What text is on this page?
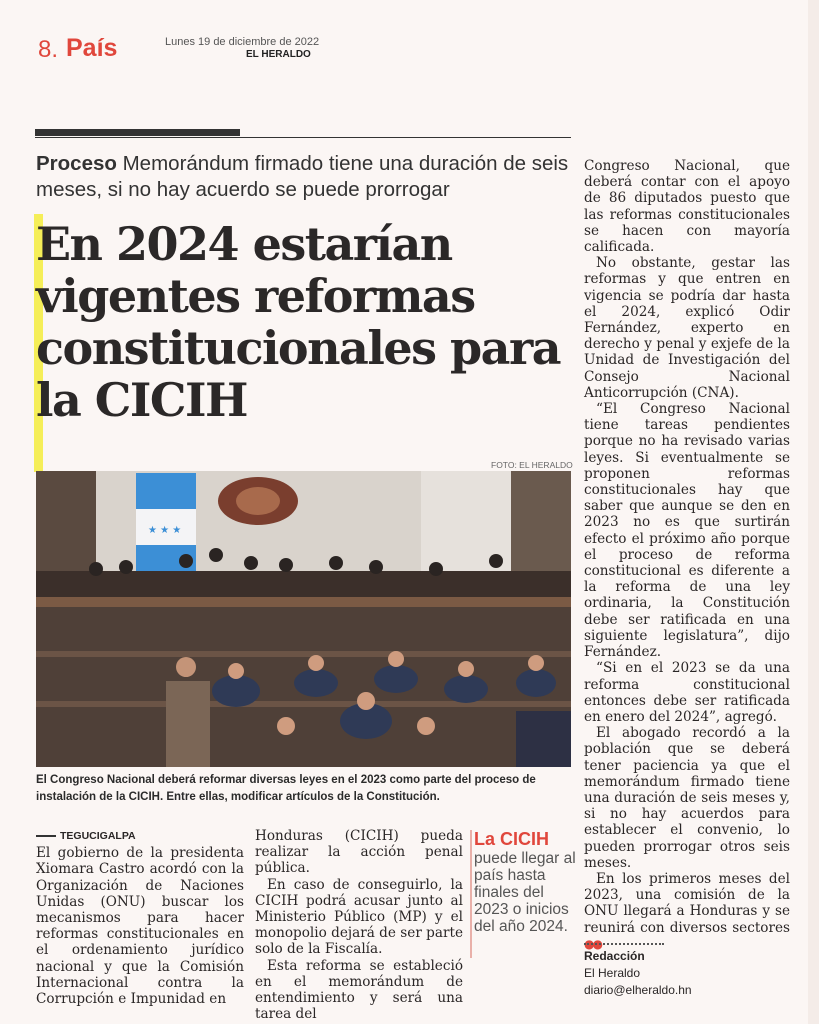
8. País	Lunes 19 de diciembre de 2022
EL HERALDO
Proceso Memorándum firmado tiene una duración de seis meses, si no hay acuerdo se puede prorrogar
En 2024 estarían vigentes reformas constitucionales para la CICIH
FOTO: EL HERALDO
★ ★ ★
El Congreso Nacional deberá reformar diversas leyes en el 2023 como parte del proceso de instalación de la CICIH. Entre ellas, modificar artículos de la Constitución.
TEGUCIGALPA

El gobierno de la presidenta Xiomara Castro acordó con la Organización de Naciones Unidas (ONU) buscar los mecanismos para hacer reformas constitucionales en el ordenamiento jurídico nacional y que la Comisión Internacional contra la Corrupción e Impunidad en

Honduras (CICIH) pueda realizar la acción penal pública.

En caso de conseguirlo, la CICIH podrá acusar junto al Ministerio Público (MP) y el monopolio dejará de ser parte solo de la Fiscalía.

Esta reforma se estableció en el memorándum de entendimiento y será una tarea del

La CICIH
puede llegar al país hasta finales del 2023 o inicios del año 2024.

Congreso Nacional, que deberá contar con el apoyo de 86 diputados puesto que las reformas constitucionales se hacen con mayoría calificada.

No obstante, gestar las reformas y que entren en vigencia se podría dar hasta el 2024, explicó Odir Fernández, experto en derecho y penal y exjefe de la Unidad de Investigación del Consejo Nacional Anticorrupción (CNA).

“El Congreso Nacional tiene tareas pendientes porque no ha revisado varias leyes. Si eventualmente se proponen reformas constitucionales hay que saber que aunque se den en 2023 no es que surtirán efecto el próximo año porque el proceso de reforma constitucional es diferente a la reforma de una ley ordinaria, la Constitución debe ser ratificada en una siguiente legislatura”, dijo Fernández.

“Si en el 2023 se da una reforma constitucional entonces debe ser ratificada en enero del 2024”, agregó.

El abogado recordó a la población que se deberá tener paciencia ya que el memorándum firmado tiene una duración de seis meses y, si no hay acuerdos para establecer el convenio, lo pueden prorrogar otros seis meses.

En los primeros meses del 2023, una comisión de la ONU llegará a Honduras y se reunirá con diversos sectores ●●

Redacción
El Heraldo
diario@elheraldo.hn
